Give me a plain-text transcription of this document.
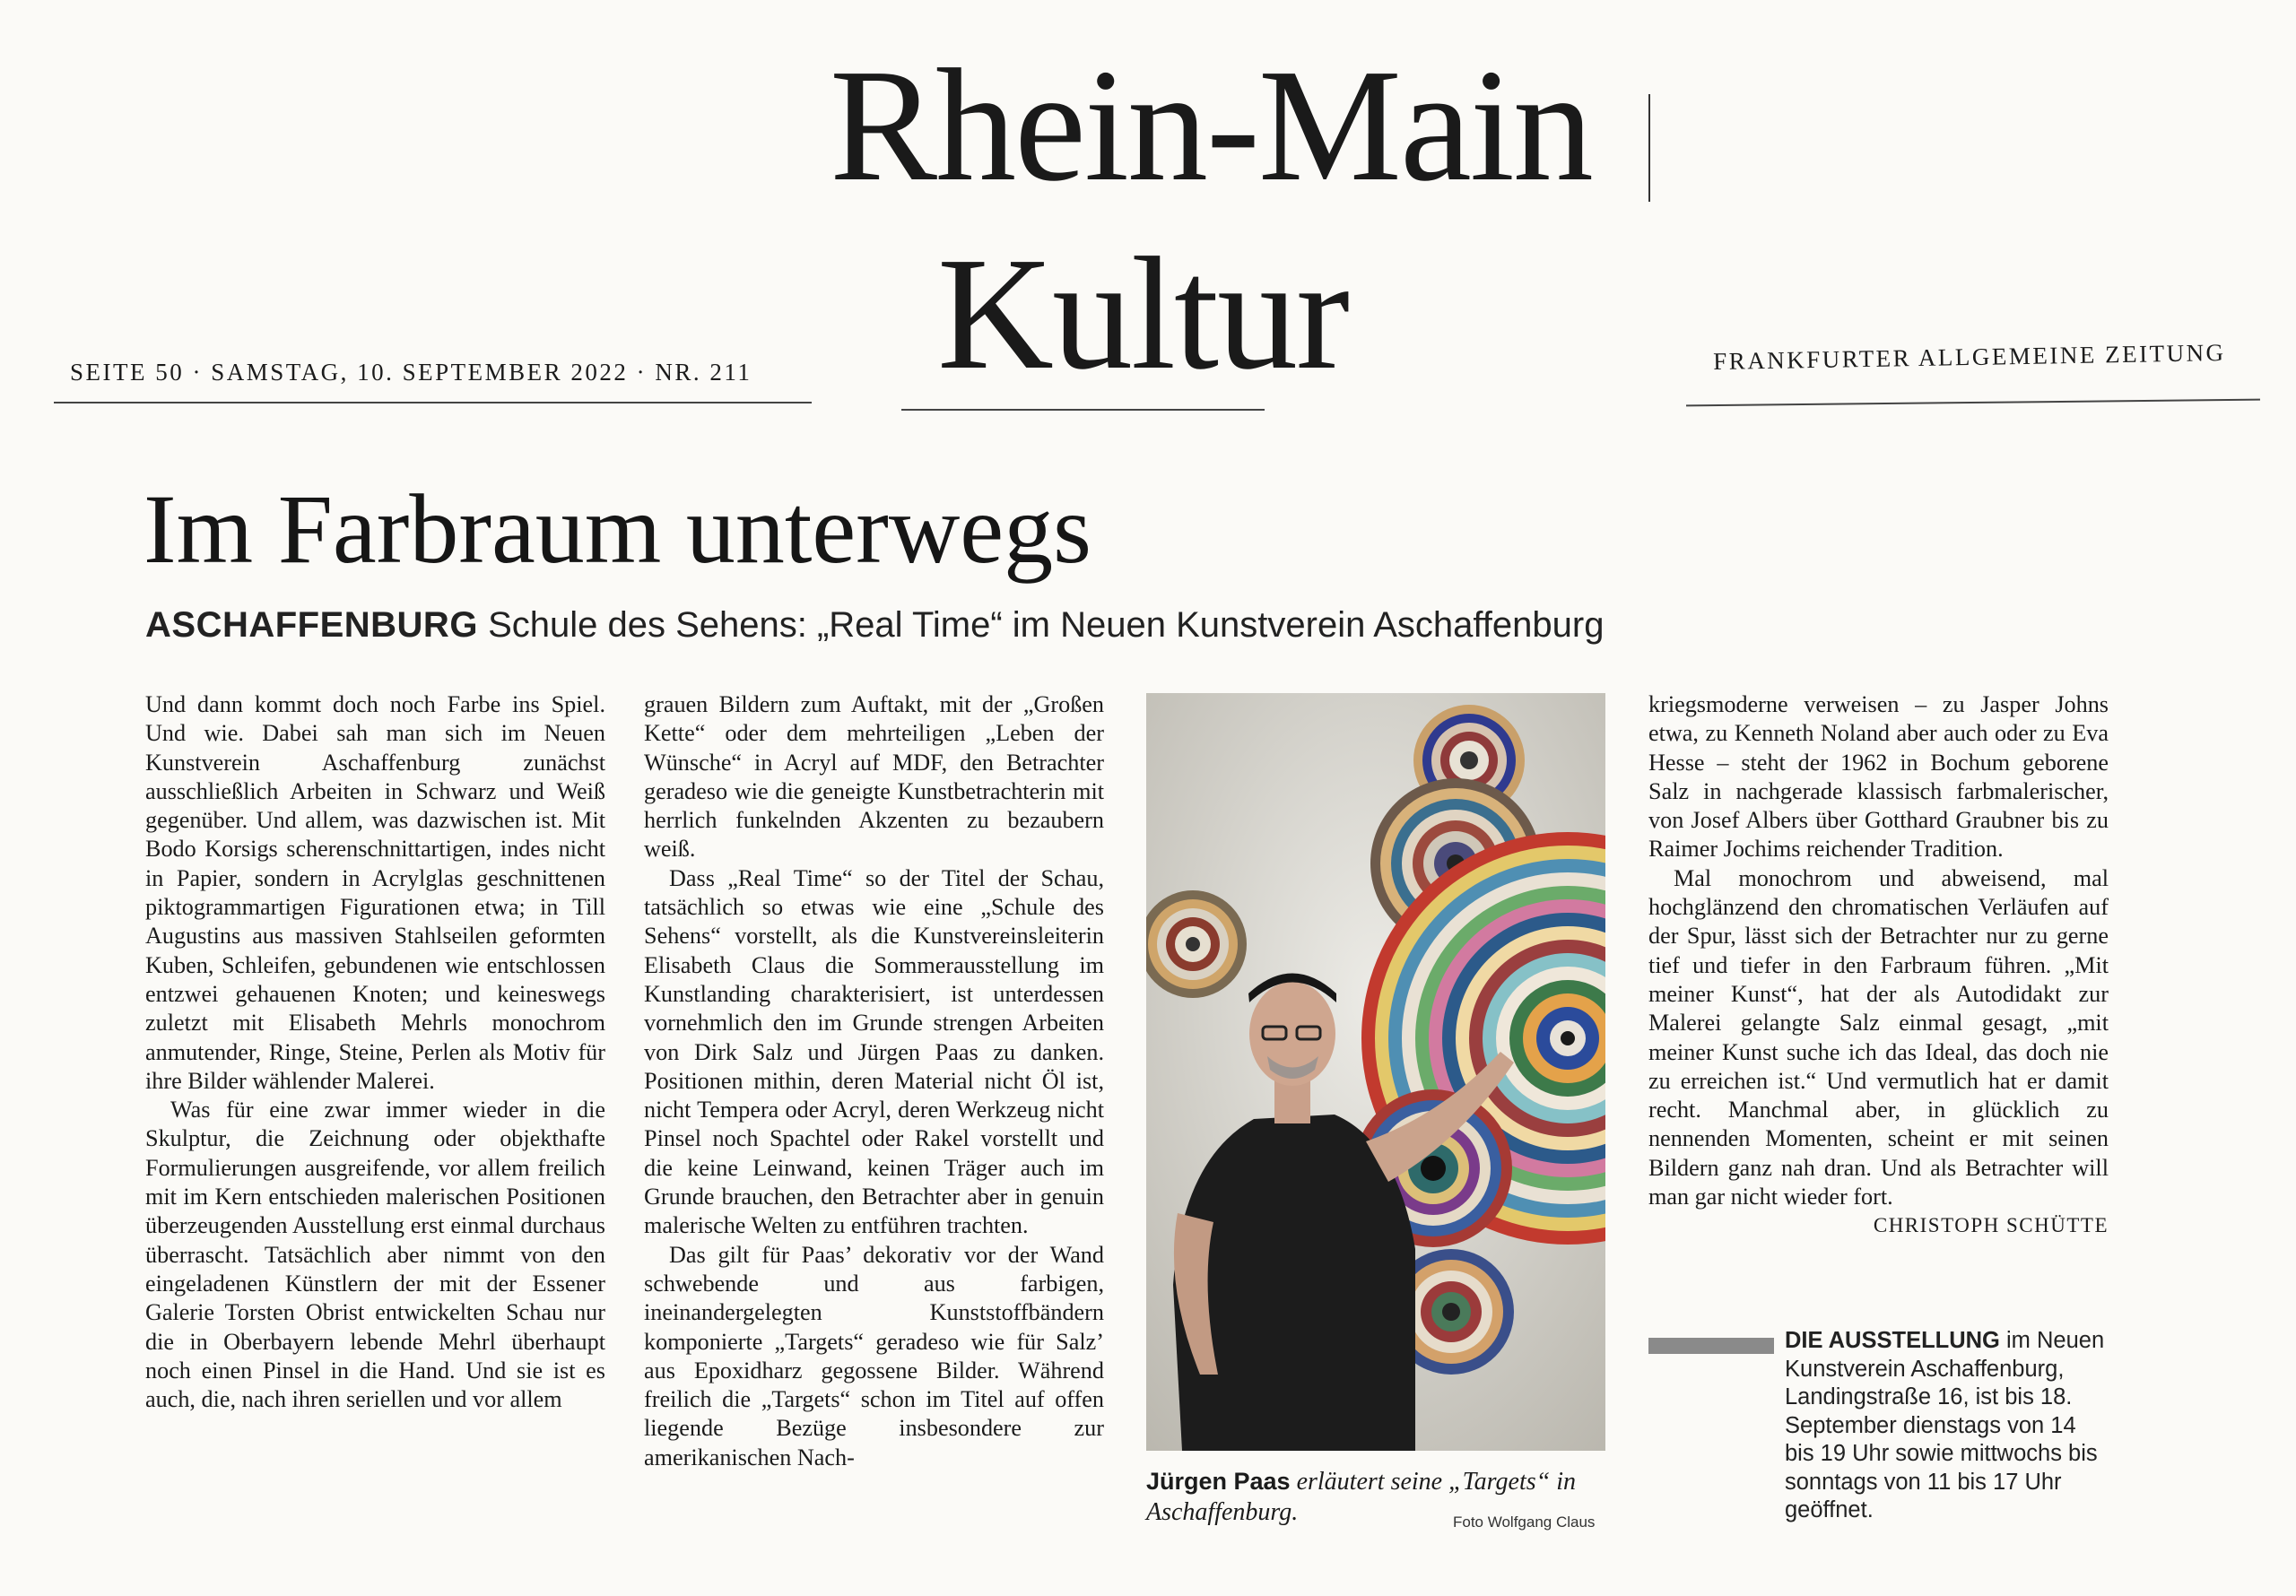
Rhein-Main
Kultur
SEITE 50 · SAMSTAG, 10. SEPTEMBER 2022 · NR. 211	FRANKFURTER ALLGEMEINE ZEITUNG
Im Farbraum unterwegs
ASCHAFFENBURG Schule des Sehens: „Real Time“ im Neuen Kunstverein Aschaffenburg

Und dann kommt doch noch Farbe ins Spiel. Und wie. Dabei sah man sich im Neuen Kunstverein Aschaffenburg zunächst ausschließlich Arbeiten in Schwarz und Weiß gegenüber. Und allem, was dazwischen ist. Mit Bodo Korsigs scherenschnittartigen, indes nicht in Papier, sondern in Acrylglas geschnittenen piktogrammartigen Figurationen etwa; in Till Augustins aus massiven Stahlseilen geformten Kuben, Schleifen, gebundenen wie entschlossen entzwei gehauenen Knoten; und keineswegs zuletzt mit Elisabeth Mehrls monochrom anmutender, Ringe, Steine, Perlen als Motiv für ihre Bilder wählender Malerei.

Was für eine zwar immer wieder in die Skulptur, die Zeichnung oder objekthafte Formulierungen ausgreifende, vor allem freilich mit im Kern entschieden malerischen Positionen überzeugenden Ausstellung erst einmal durchaus überrascht. Tatsächlich aber nimmt von den eingeladenen Künstlern der mit der Essener Galerie Torsten Obrist entwickelten Schau nur die in Oberbayern lebende Mehrl überhaupt noch einen Pinsel in die Hand. Und sie ist es auch, die, nach ihren seriellen und vor allem

grauen Bildern zum Auftakt, mit der „Großen Kette“ oder dem mehrteiligen „Leben der Wünsche“ in Acryl auf MDF, den Betrachter geradeso wie die geneigte Kunstbetrachterin mit herrlich funkelnden Akzenten zu bezaubern weiß.

Dass „Real Time“ so der Titel der Schau, tatsächlich so etwas wie eine „Schule des Sehens“ vorstellt, als die Kunstvereinsleiterin Elisabeth Claus die Sommerausstellung im Kunstlanding charakterisiert, ist unterdessen vornehmlich den im Grunde strengen Arbeiten von Dirk Salz und Jürgen Paas zu danken. Positionen mithin, deren Material nicht Öl ist, nicht Tempera oder Acryl, deren Werkzeug nicht Pinsel noch Spachtel oder Rakel vorstellt und die keine Leinwand, keinen Träger auch im Grunde brauchen, den Betrachter aber in genuin malerische Welten zu entführen trachten.

Das gilt für Paas’ dekorativ vor der Wand schwebende und aus farbigen, ineinandergelegten Kunststoffbändern komponierte „Targets“ geradeso wie für Salz’ aus Epoxidharz gegossene Bilder. Während freilich die „Targets“ schon im Titel auf offen liegende Bezüge insbesondere zur amerikanischen Nach-

Jürgen Paas erläutert seine „Targets“ in Aschaffenburg.	Foto Wolfgang Claus

kriegsmoderne verweisen – zu Jasper Johns etwa, zu Kenneth Noland aber auch oder zu Eva Hesse – steht der 1962 in Bochum geborene Salz in nachgerade klassisch farbmalerischer, von Josef Albers über Gotthard Graubner bis zu Raimer Jochims reichender Tradition.

Mal monochrom und abweisend, mal hochglänzend den chromatischen Verläufen auf der Spur, lässt sich der Betrachter nur zu gerne tief und tiefer in den Farbraum führen. „Mit meiner Kunst“, hat der als Autodidakt zur Malerei gelangte Salz einmal gesagt, „mit meiner Kunst suche ich das Ideal, das doch nie zu erreichen ist.“ Und vermutlich hat er damit recht. Manchmal aber, in glücklich zu nennenden Momenten, scheint er mit seinen Bildern ganz nah dran. Und als Betrachter will man gar nicht wieder fort.

CHRISTOPH SCHÜTTE
DIE AUSSTELLUNG im Neuen Kunstverein Aschaffenburg, Landingstraße 16, ist bis 18. September dienstags von 14 bis 19 Uhr sowie mittwochs bis sonntags von 11 bis 17 Uhr geöffnet.
